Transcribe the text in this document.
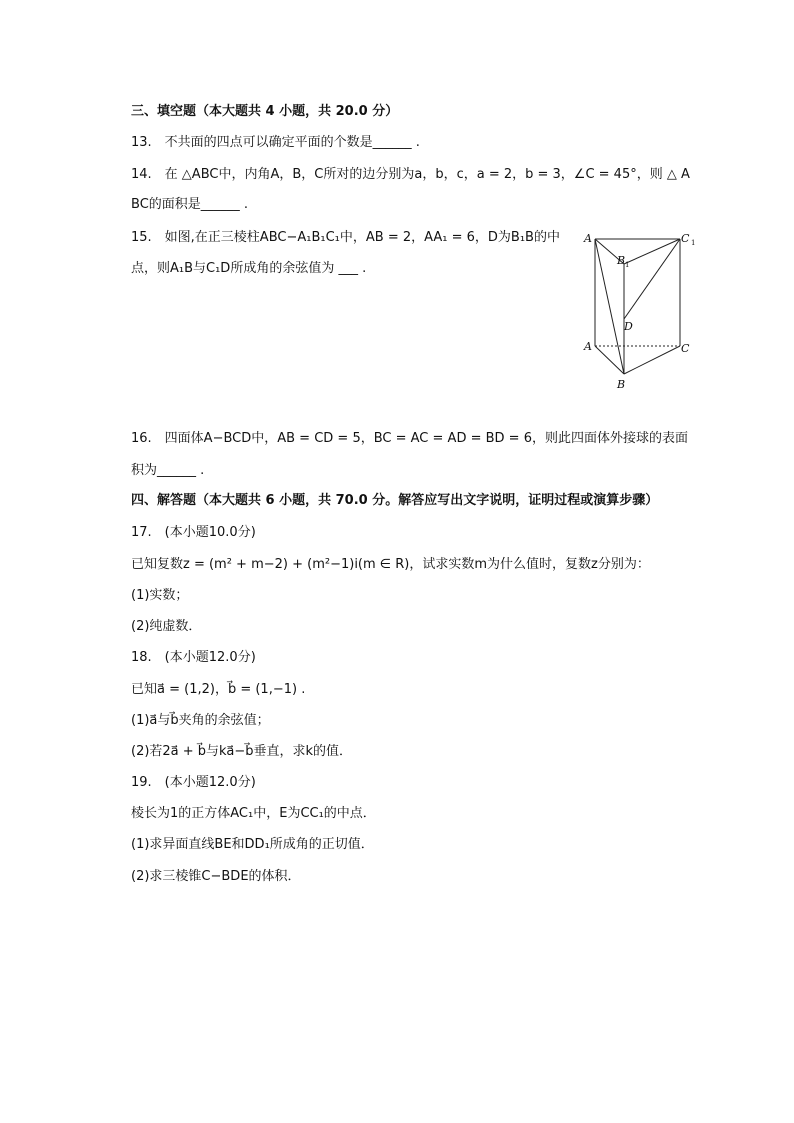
三、填空题（本大题共 4 小题，共 20.0 分）
13.　不共面的四点可以确定平面的个数是______ .
14.　在 △ABC中，内角A，B，C所对的边分别为a，b，c，a = 2，b = 3，∠C = 45°，则 △ A
BC的面积是______ .
15.　如图,在正三棱柱ABC−A₁B₁C₁中，AB = 2，AA₁ = 6，D为B₁B的中
点，则A₁B与C₁D所成角的余弦值为 ___ .
A
B 1
C 1
D
A	C
B
16.　四面体A−BCD中，AB = CD = 5，BC = AC = AD = BD = 6，则此四面体外接球的表面
积为______ .
四、解答题（本大题共 6 小题，共 70.0 分。解答应写出文字说明，证明过程或演算步骤）
17.　(本小题10.0分)
已知复数z = (m² + m−2) + (m²−1)i(m ∈ R)，试求实数m为什么值时，复数z分别为：
(1)实数；
(2)纯虚数．
18.　(本小题12.0分)
已知a⃗ = (1,2)，b⃗ = (1,−1) .
(1)a⃗与b⃗夹角的余弦值；
(2)若2a⃗ + b⃗与ka⃗−b⃗垂直，求k的值．
19.　(本小题12.0分)
棱长为1的正方体AC₁中，E为CC₁的中点．
(1)求异面直线BE和DD₁所成角的正切值．
(2)求三棱锥C−BDE的体积．
